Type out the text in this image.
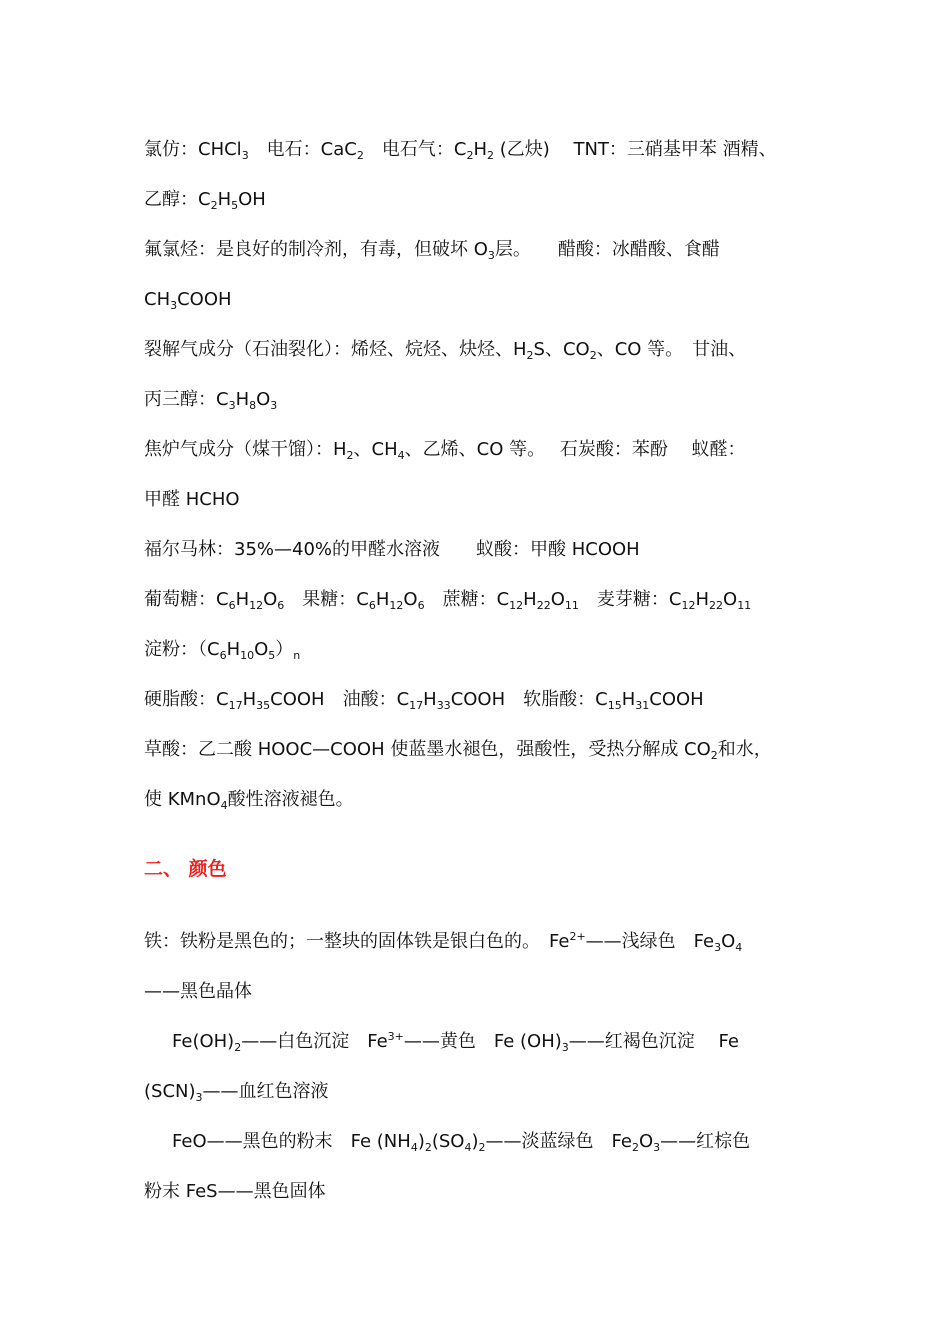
二、 颜色
氯仿：CHCl$_3$　电石：CaC$_2$　电石气：$C_2H_2$ (乙炔)　 TNT：三硝基甲苯 酒精、
乙醇：$C_2H_5OH$
氟氯烃：是良好的制冷剂，有毒，但破坏 $O_3$层。　　醋酸：冰醋酸、食醋
$CH_3COOH$
裂解气成分（石油裂化）：烯烃、烷烃、炔烃、$H_2S$、$CO_2$、CO 等。　甘油、
丙三醇：$C_3H_8O_3$
焦炉气成分（煤干馏）：$H_2$、$CH_4$、乙烯、CO 等。　 石炭酸：苯酚　 蚁醛：
甲醛 HCHO
福尔马林：35%—40%的甲醛水溶液　　蚁酸：甲酸 HCOOH
葡萄糖：$C_6H_{12}O_6$　果糖：$C_6H_{12}O_6$　蔗糖：$C_{12}H_{22}O_{11}$　麦芽糖：$C_{12}H_{22}O_{11}$
淀粉：$(C_6H_{10}O_5)_n$
硬脂酸：$C_{17}H_{35}COOH$　油酸：$C_{17}H_{33}COOH$　软脂酸：$C_{15}H_{31}COOH$
草酸：乙二酸 HOOC—COOH 使蓝墨水褪色，强酸性，受热分解成 $CO_2$和水，
使 KMnO$_4$酸性溶液褪色。
铁：铁粉是黑色的；一整块的固体铁是银白色的。　$Fe^{2+}——$浅绿色　$Fe_3O_4$
——黑色晶体
$Fe(OH)_2——$白色沉淀　$Fe^{3+}——$黄色　Fe $(OH)_3——$红褐色沉淀　 Fe
$(SCN)_3——$血红色溶液
FeO——黑色的粉末　Fe $(NH_4)_2(SO_4)_2——$淡蓝绿色　$Fe_2O_3——$红棕色
粉末 FeS——黑色固体
